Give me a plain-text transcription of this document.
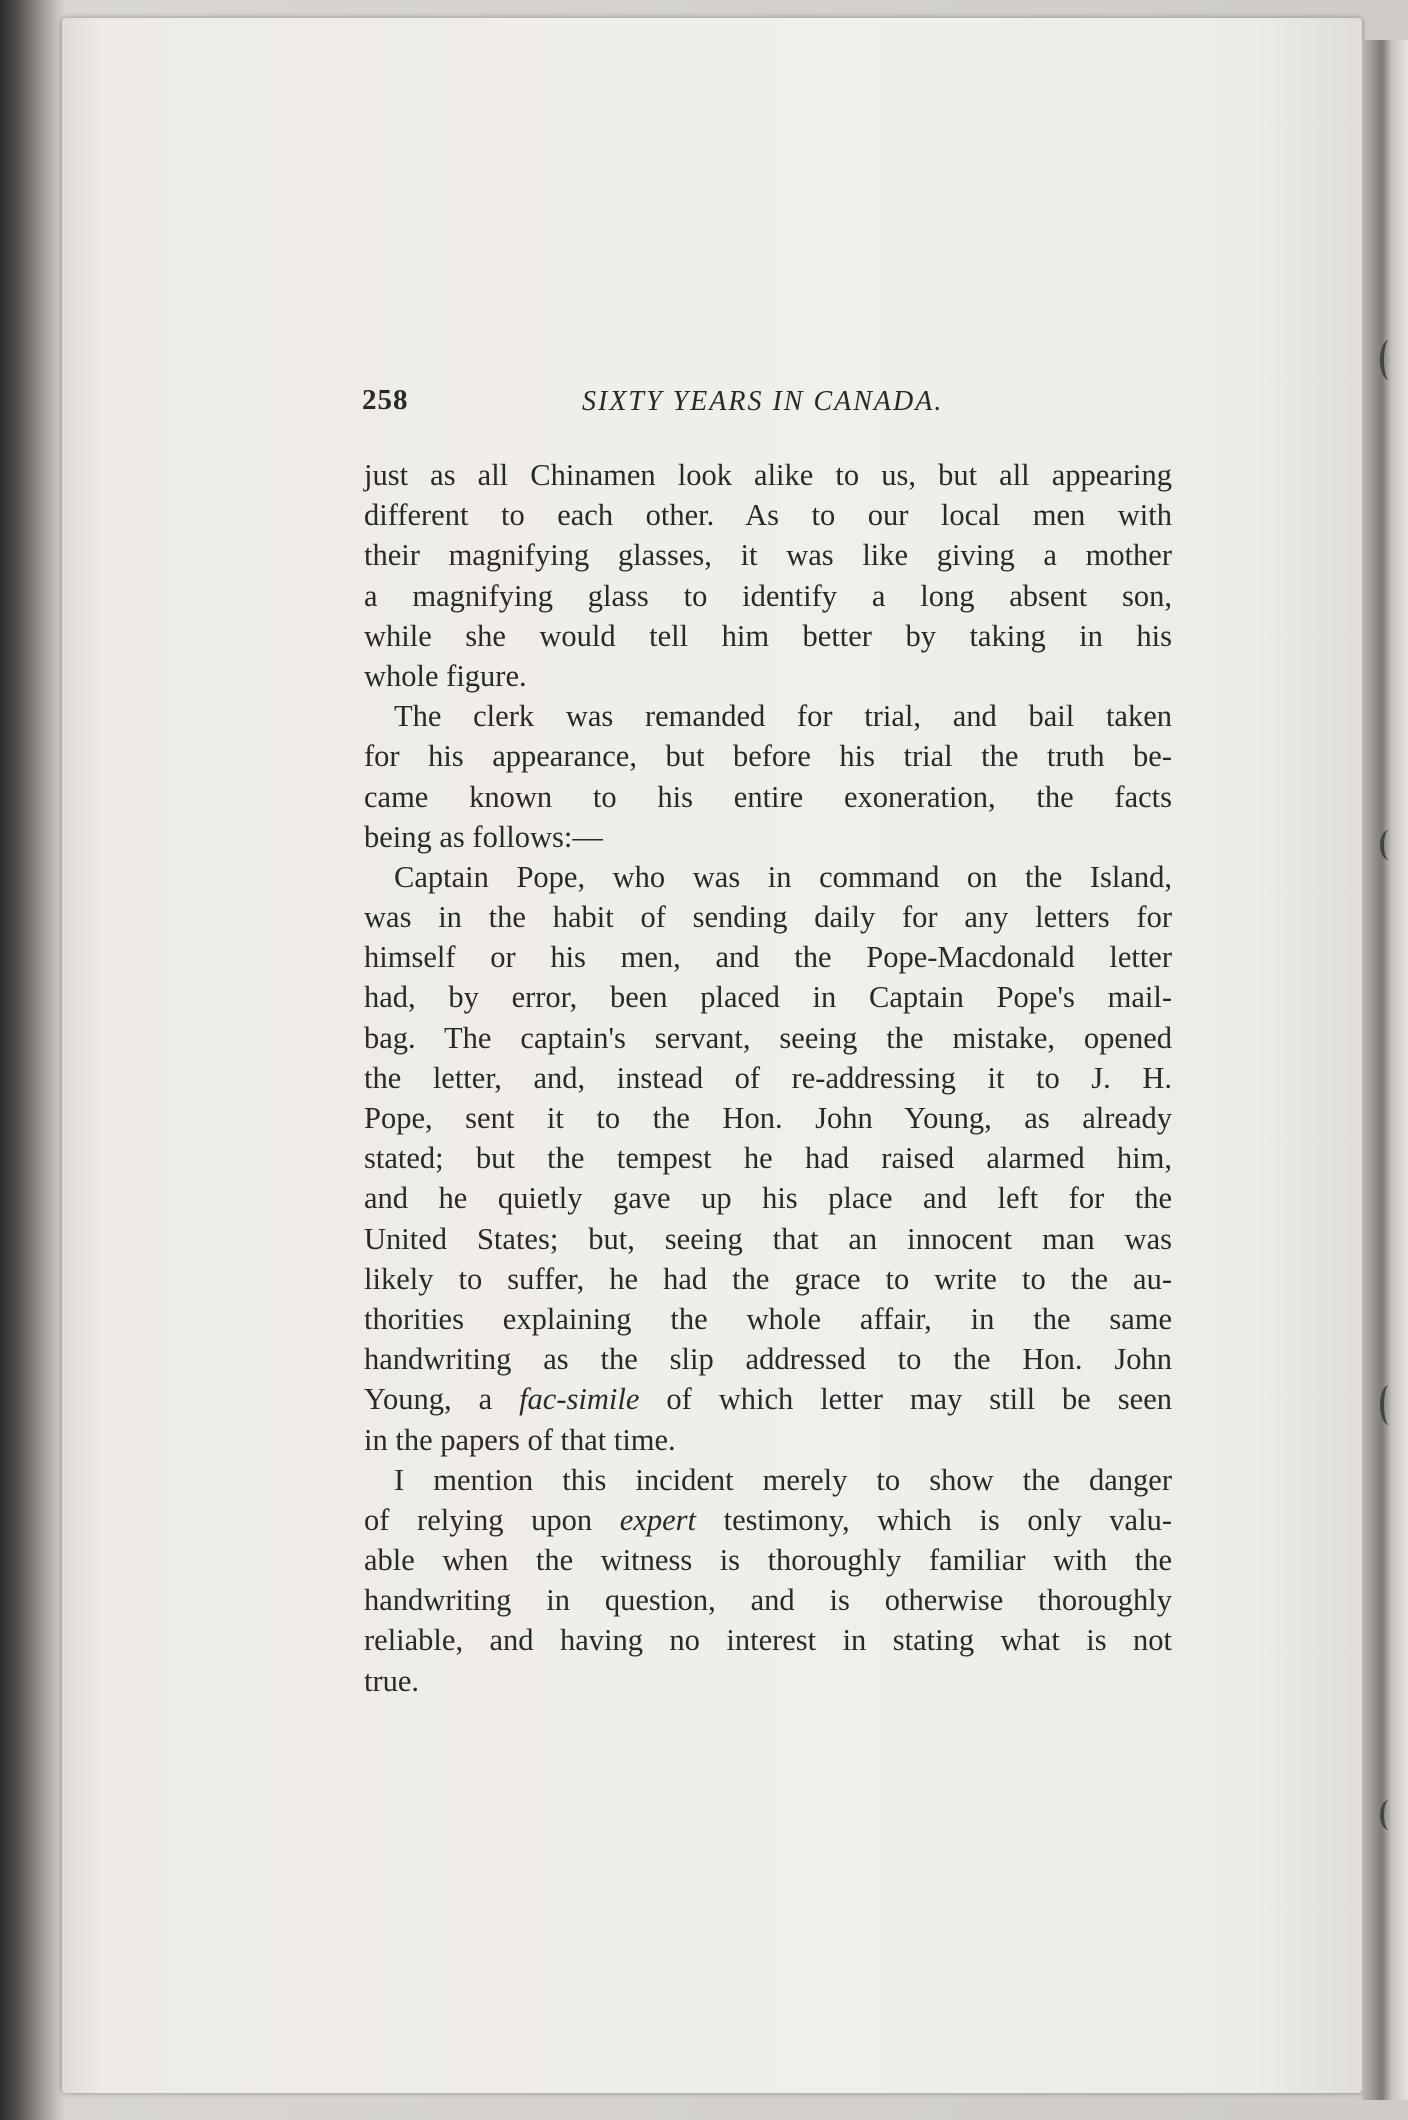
258	SIXTY YEARS IN CANADA.
just as all Chinamen look alike to us, but all appearing
different to each other. As to our local men with
their magnifying glasses, it was like giving a mother
a magnifying glass to identify a long absent son,
while she would tell him better by taking in his
whole figure.
The clerk was remanded for trial, and bail taken
for his appearance, but before his trial the truth be-
came known to his entire exoneration, the facts
being as follows:—
Captain Pope, who was in command on the Island,
was in the habit of sending daily for any letters for
himself or his men, and the Pope-Macdonald letter
had, by error, been placed in Captain Pope's mail-
bag. The captain's servant, seeing the mistake, opened
the letter, and, instead of re-addressing it to J. H.
Pope, sent it to the Hon. John Young, as already
stated; but the tempest he had raised alarmed him,
and he quietly gave up his place and left for the
United States; but, seeing that an innocent man was
likely to suffer, he had the grace to write to the au-
thorities explaining the whole affair, in the same
handwriting as the slip addressed to the Hon. John
Young, a fac-simile of which letter may still be seen
in the papers of that time.
I mention this incident merely to show the danger
of relying upon expert testimony, which is only valu-
able when the witness is thoroughly familiar with the
handwriting in question, and is otherwise thoroughly
reliable, and having no interest in stating what is not
true.
